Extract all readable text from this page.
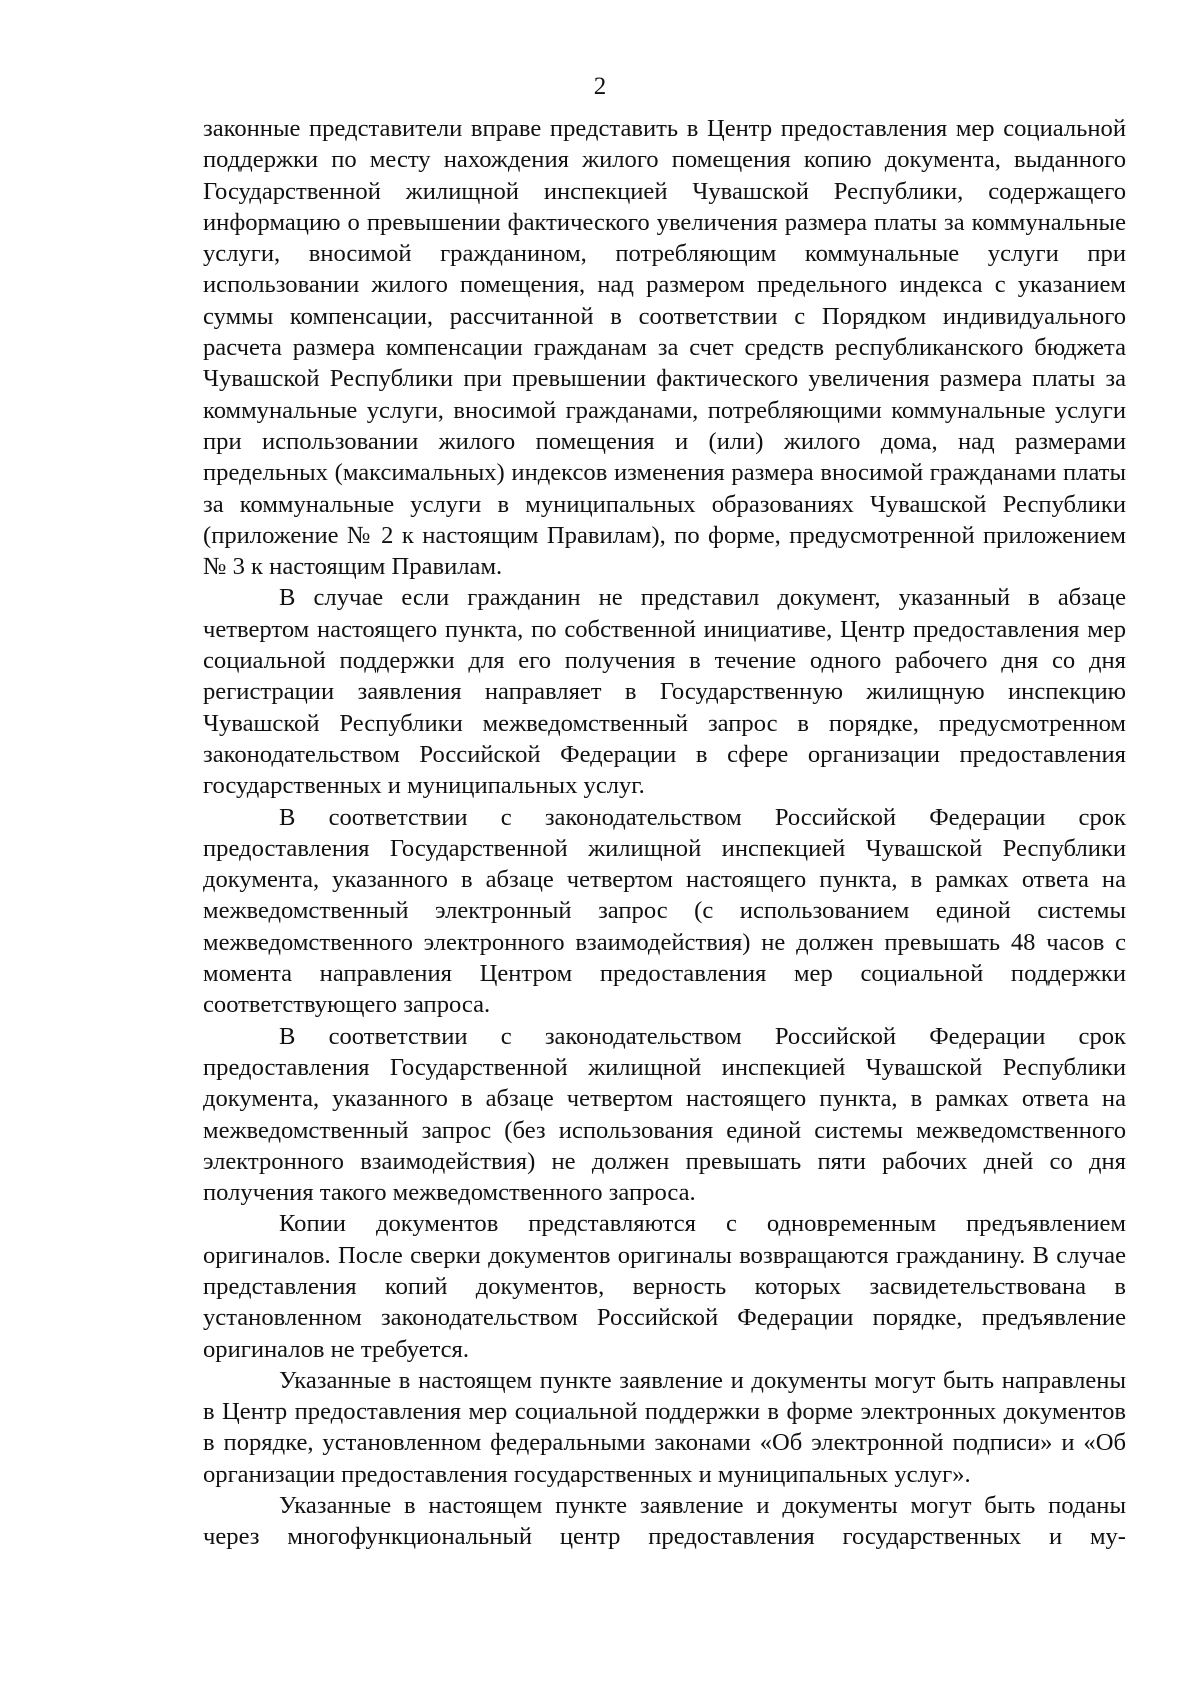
2

законные представители вправе представить в Центр предоставления мер социальной поддержки по месту нахождения жилого помещения копию документа, выданного Государственной жилищной инспекцией Чувашской Республики, содержащего информацию о превышении фактического увеличения размера платы за коммунальные услуги, вносимой гражданином, потребляющим коммунальные услуги при использовании жилого помещения, над размером предельного индекса с указанием суммы компенсации, рассчитанной в соответствии с Порядком индивидуального расчета размера компенсации гражданам за счет средств республиканского бюджета Чувашской Республики при превышении фактического увеличения размера платы за коммунальные услуги, вносимой гражданами, потребляющими коммунальные услуги при использовании жилого помещения и (или) жилого дома, над размерами предельных (максимальных) индексов изменения размера вносимой гражданами платы за коммунальные услуги в муниципальных образованиях Чувашской Республики (приложение № 2 к настоящим Правилам), по форме, предусмотренной приложением № 3 к настоящим Правилам.

В случае если гражданин не представил документ, указанный в абзаце четвертом настоящего пункта, по собственной инициативе, Центр предоставления мер социальной поддержки для его получения в течение одного рабочего дня со дня регистрации заявления направляет в Государственную жилищную инспекцию Чувашской Республики межведомственный запрос в порядке, предусмотренном законодательством Российской Федерации в сфере организации предоставления государственных и муниципальных услуг.

В соответствии с законодательством Российской Федерации срок предоставления Государственной жилищной инспекцией Чувашской Республики документа, указанного в абзаце четвертом настоящего пункта, в рамках ответа на межведомственный электронный запрос (с использованием единой системы межведомственного электронного взаимодействия) не должен превышать 48 часов с момента направления Центром предоставления мер социальной поддержки соответствующего запроса.

В соответствии с законодательством Российской Федерации срок предоставления Государственной жилищной инспекцией Чувашской Республики документа, указанного в абзаце четвертом настоящего пункта, в рамках ответа на межведомственный запрос (без использования единой системы межведомственного электронного взаимодействия) не должен превышать пяти рабочих дней со дня получения такого межведомственного запроса.

Копии документов представляются с одновременным предъявлением оригиналов. После сверки документов оригиналы возвращаются гражданину. В случае представления копий документов, верность которых засвидетельствована в установленном законодательством Российской Федерации порядке, предъявление оригиналов не требуется.

Указанные в настоящем пункте заявление и документы могут быть направлены в Центр предоставления мер социальной поддержки в форме электронных документов в порядке, установленном федеральными законами «Об электронной подписи» и «Об организации предоставления государственных и муниципальных услуг».

Указанные в настоящем пункте заявление и документы могут быть поданы через многофункциональный центр предоставления государственных и му-
